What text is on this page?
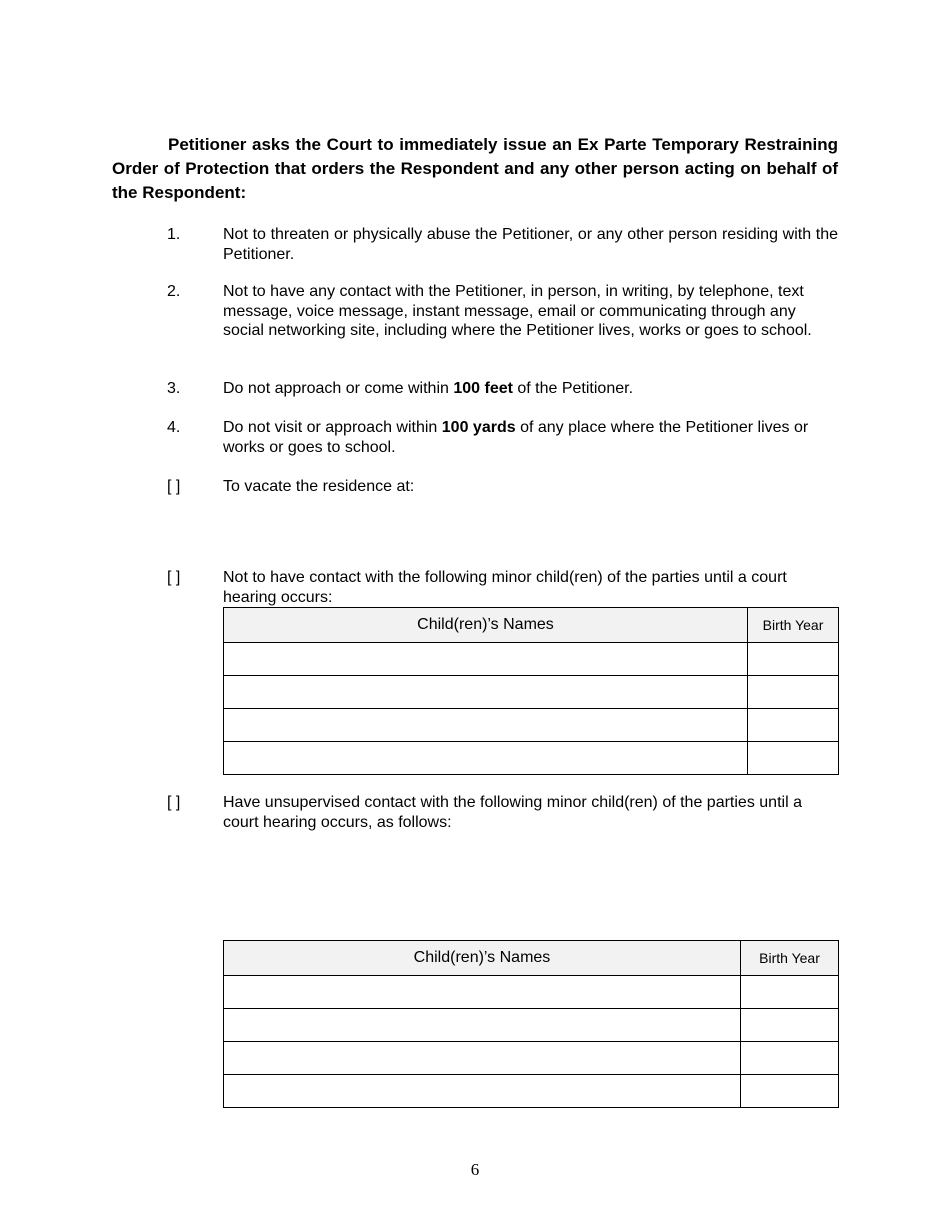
Petitioner asks the Court to immediately issue an Ex Parte Temporary Restraining Order of Protection that orders the Respondent and any other person acting on behalf of the Respondent:

1.	Not to threaten or physically abuse the Petitioner, or any other person residing with the Petitioner.
2.	Not to have any contact with the Petitioner, in person, in writing, by telephone, text message, voice message, instant message, email or communicating through any social networking site, including where the Petitioner lives, works or goes to school.
3.	Do not approach or come within 100 feet of the Petitioner.
4.	Do not visit or approach within 100 yards of any place where the Petitioner lives or works or goes to school.
[ ]	To vacate the residence at:
[ ]	Not to have contact with the following minor child(ren) of the parties until a court hearing occurs:
Child(ren)’s Names	Birth Year

[ ]	Have unsupervised contact with the following minor child(ren) of the parties until a court hearing occurs, as follows:
Child(ren)’s Names	Birth Year

6
